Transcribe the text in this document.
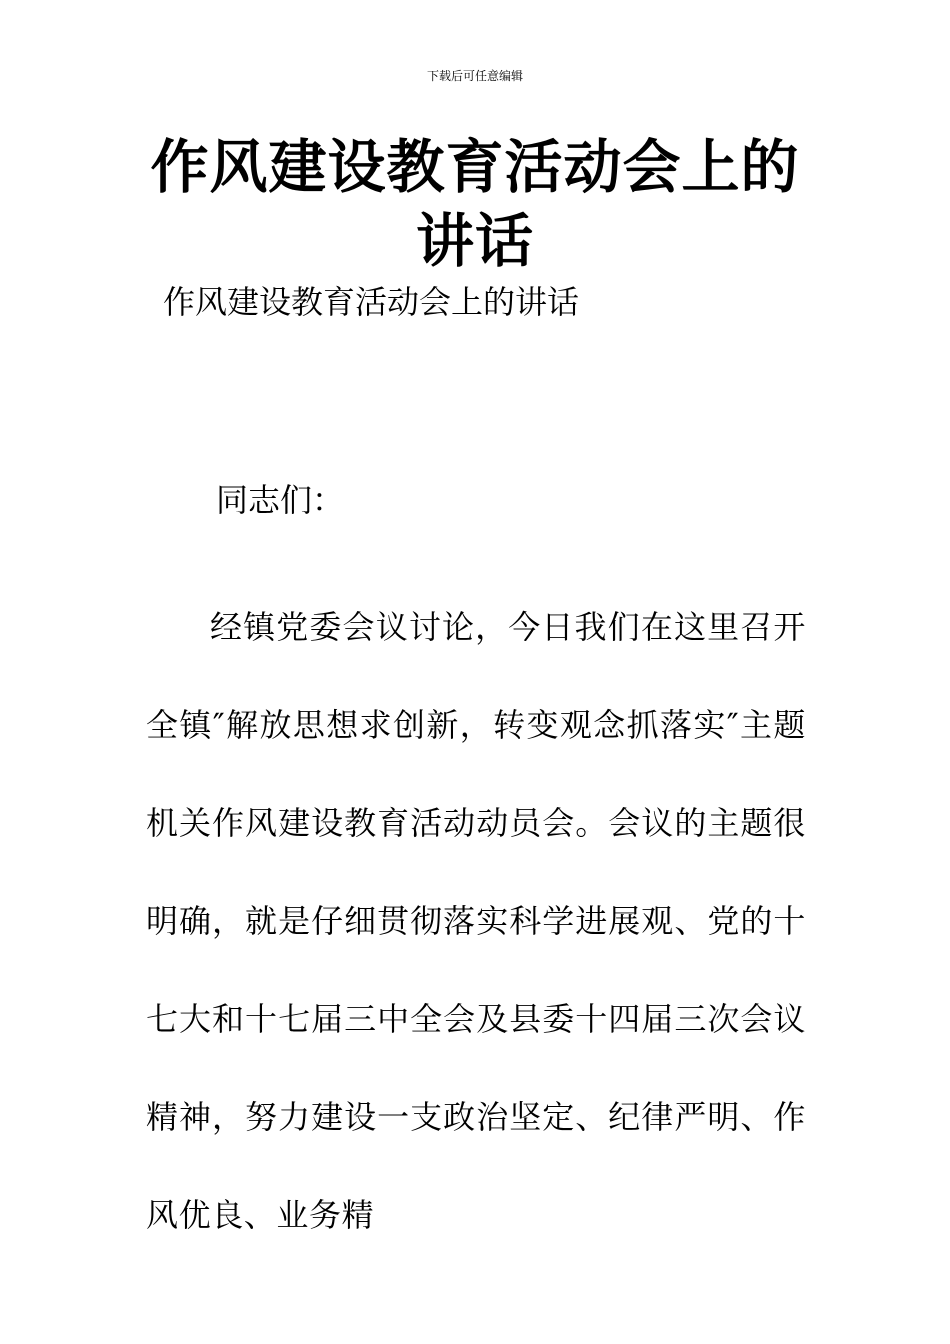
下载后可任意编辑
作风建设教育活动会上的讲话
作风建设教育活动会上的讲话
同志们：
经镇党委会议讨论，今日我们在这里召开全镇″解放思想求创新，转变观念抓落实″主题机关作风建设教育活动动员会。会议的主题很明确，就是仔细贯彻落实科学进展观、党的十七大和十七届三中全会及县委十四届三次会议精神，努力建设一支政治坚定、纪律严明、作风优良、业务精
